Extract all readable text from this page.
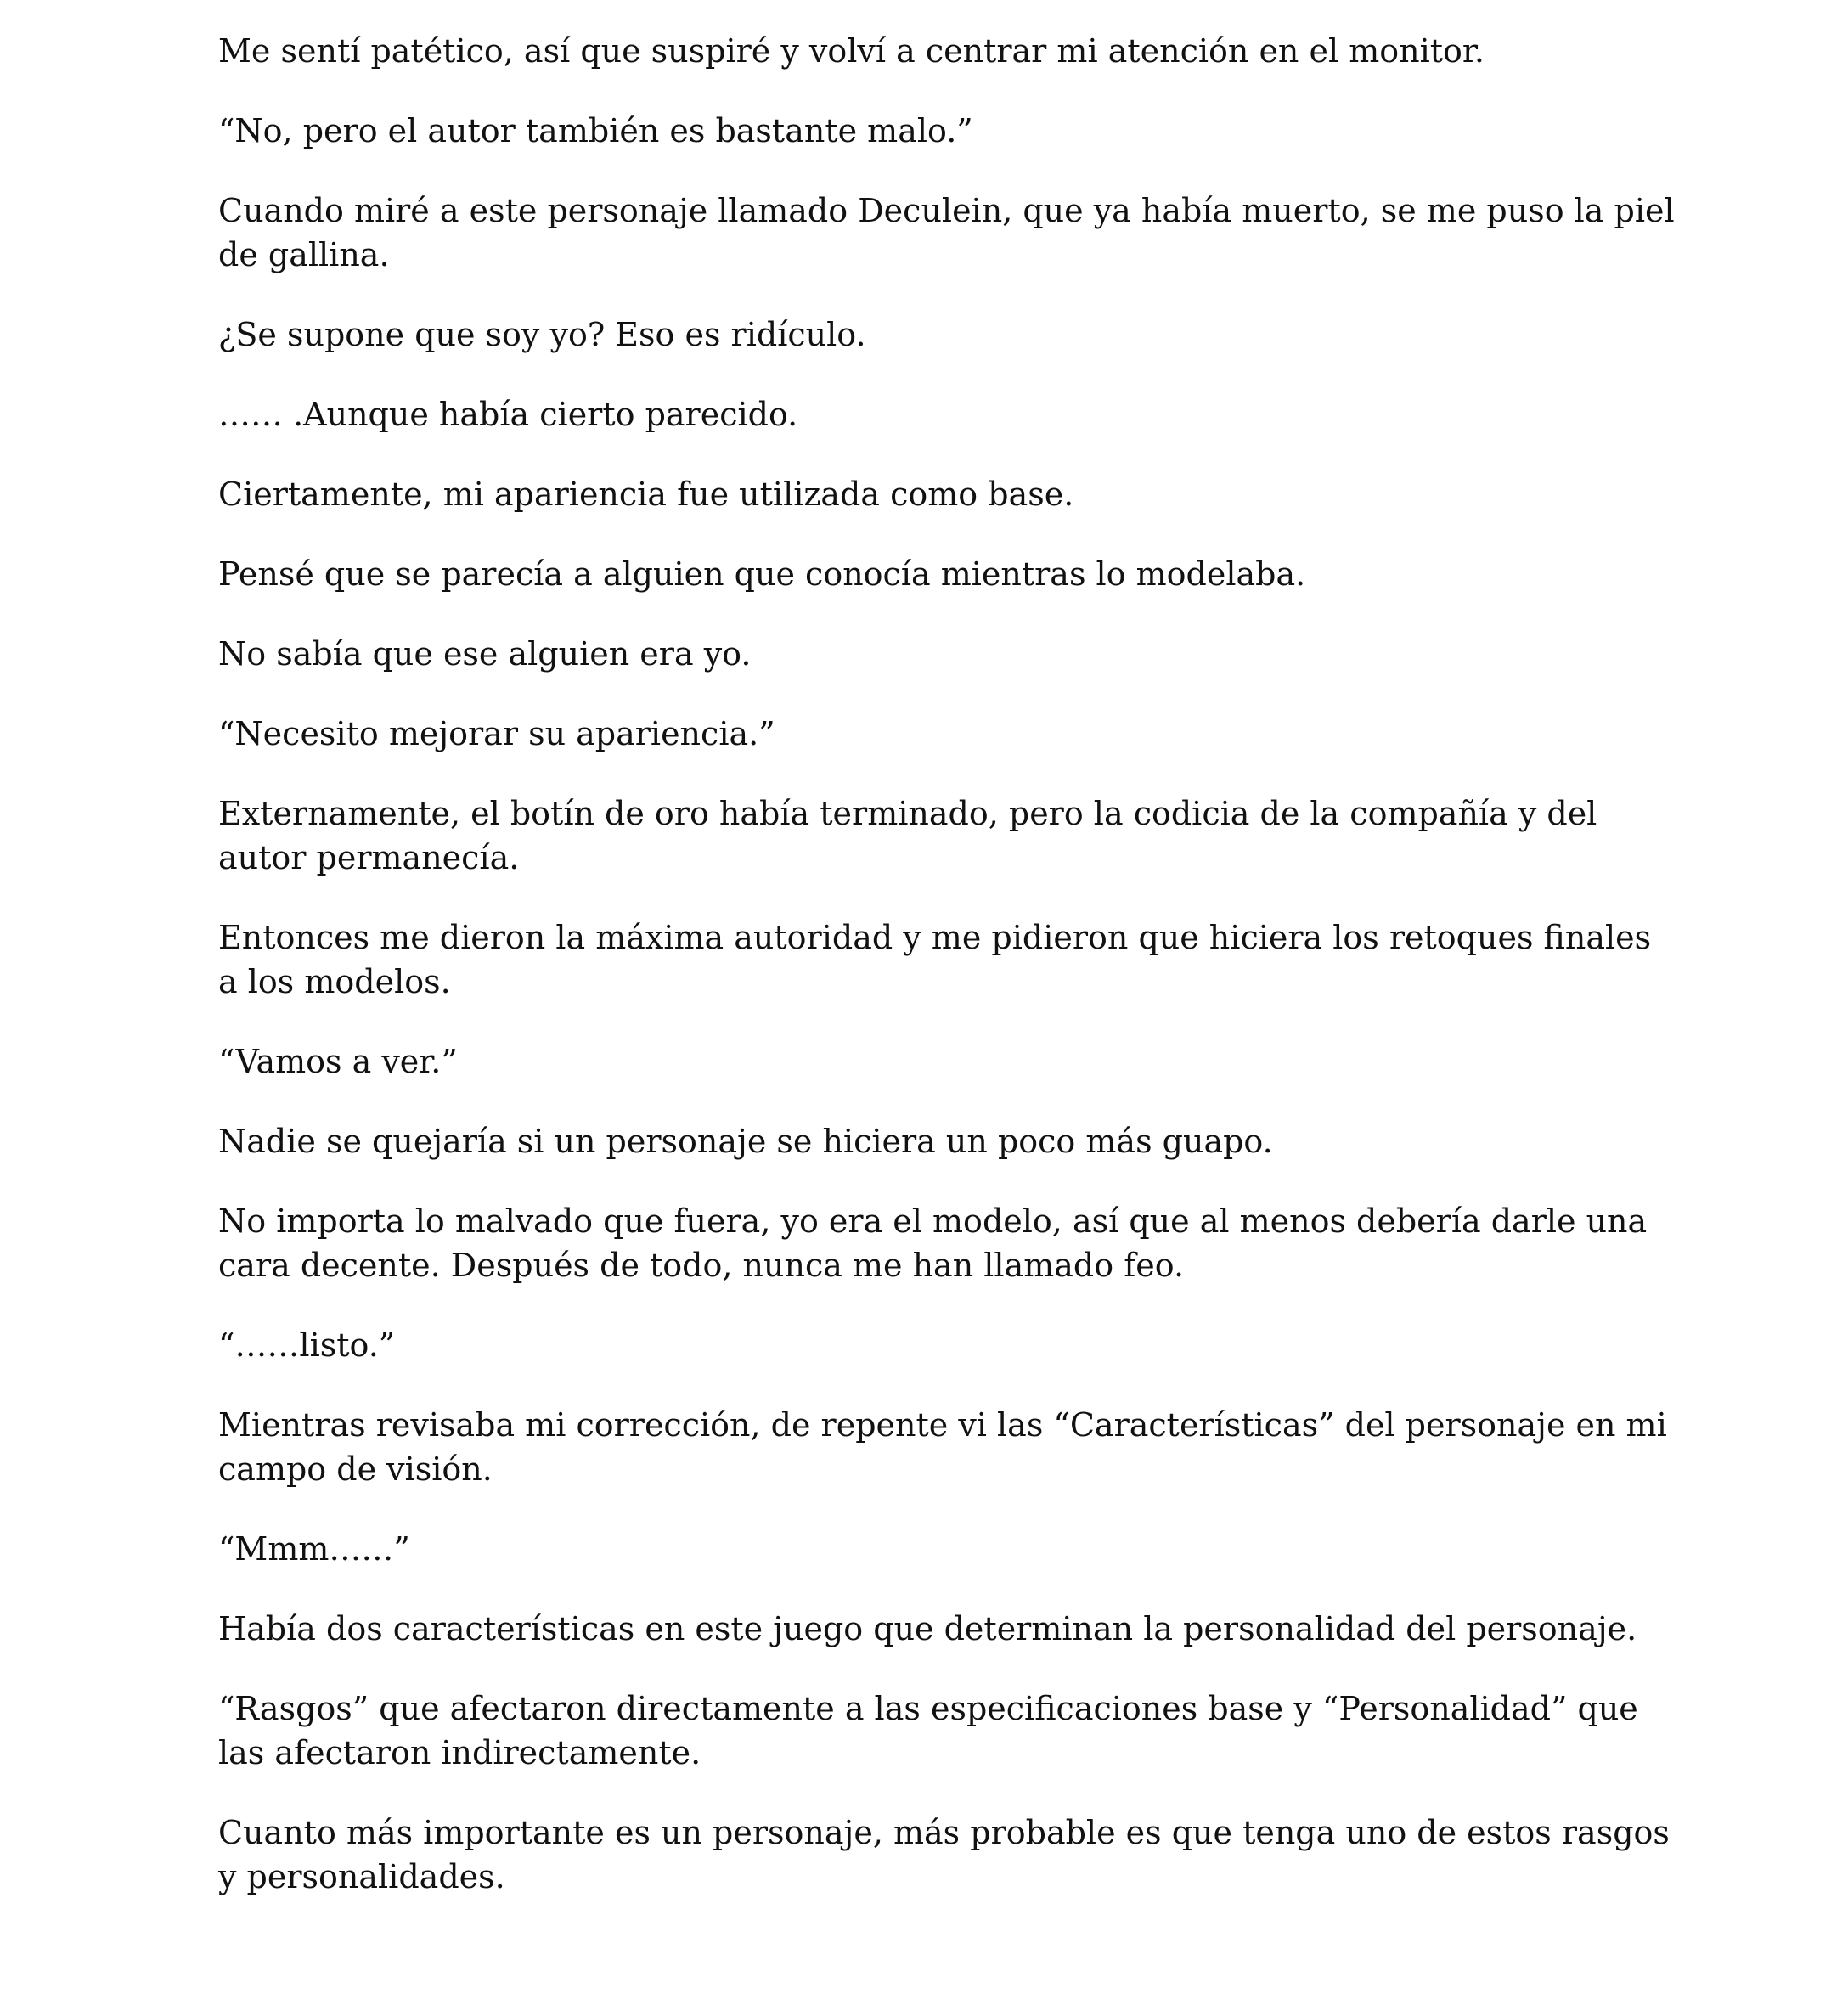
Me sentí patético, así que suspiré y volví a centrar mi atención en el monitor.

“No, pero el autor también es bastante malo.”

Cuando miré a este personaje llamado Deculein, que ya había muerto, se me puso la piel de gallina.

¿Se supone que soy yo? Eso es ridículo.

…… .Aunque había cierto parecido.

Ciertamente, mi apariencia fue utilizada como base.

Pensé que se parecía a alguien que conocía mientras lo modelaba.

No sabía que ese alguien era yo.

“Necesito mejorar su apariencia.”

Externamente, el botín de oro había terminado, pero la codicia de la compañía y del autor permanecía.

Entonces me dieron la máxima autoridad y me pidieron que hiciera los retoques finales a los modelos.

“Vamos a ver.”

Nadie se quejaría si un personaje se hiciera un poco más guapo.

No importa lo malvado que fuera, yo era el modelo, así que al menos debería darle una cara decente. Después de todo, nunca me han llamado feo.

“……listo.”

Mientras revisaba mi corrección, de repente vi las “Características” del personaje en mi campo de visión.

“Mmm……”

Había dos características en este juego que determinan la personalidad del personaje.

“Rasgos” que afectaron directamente a las especificaciones base y “Personalidad” que las afectaron indirectamente.

Cuanto más importante es un personaje, más probable es que tenga uno de estos rasgos y personalidades.
